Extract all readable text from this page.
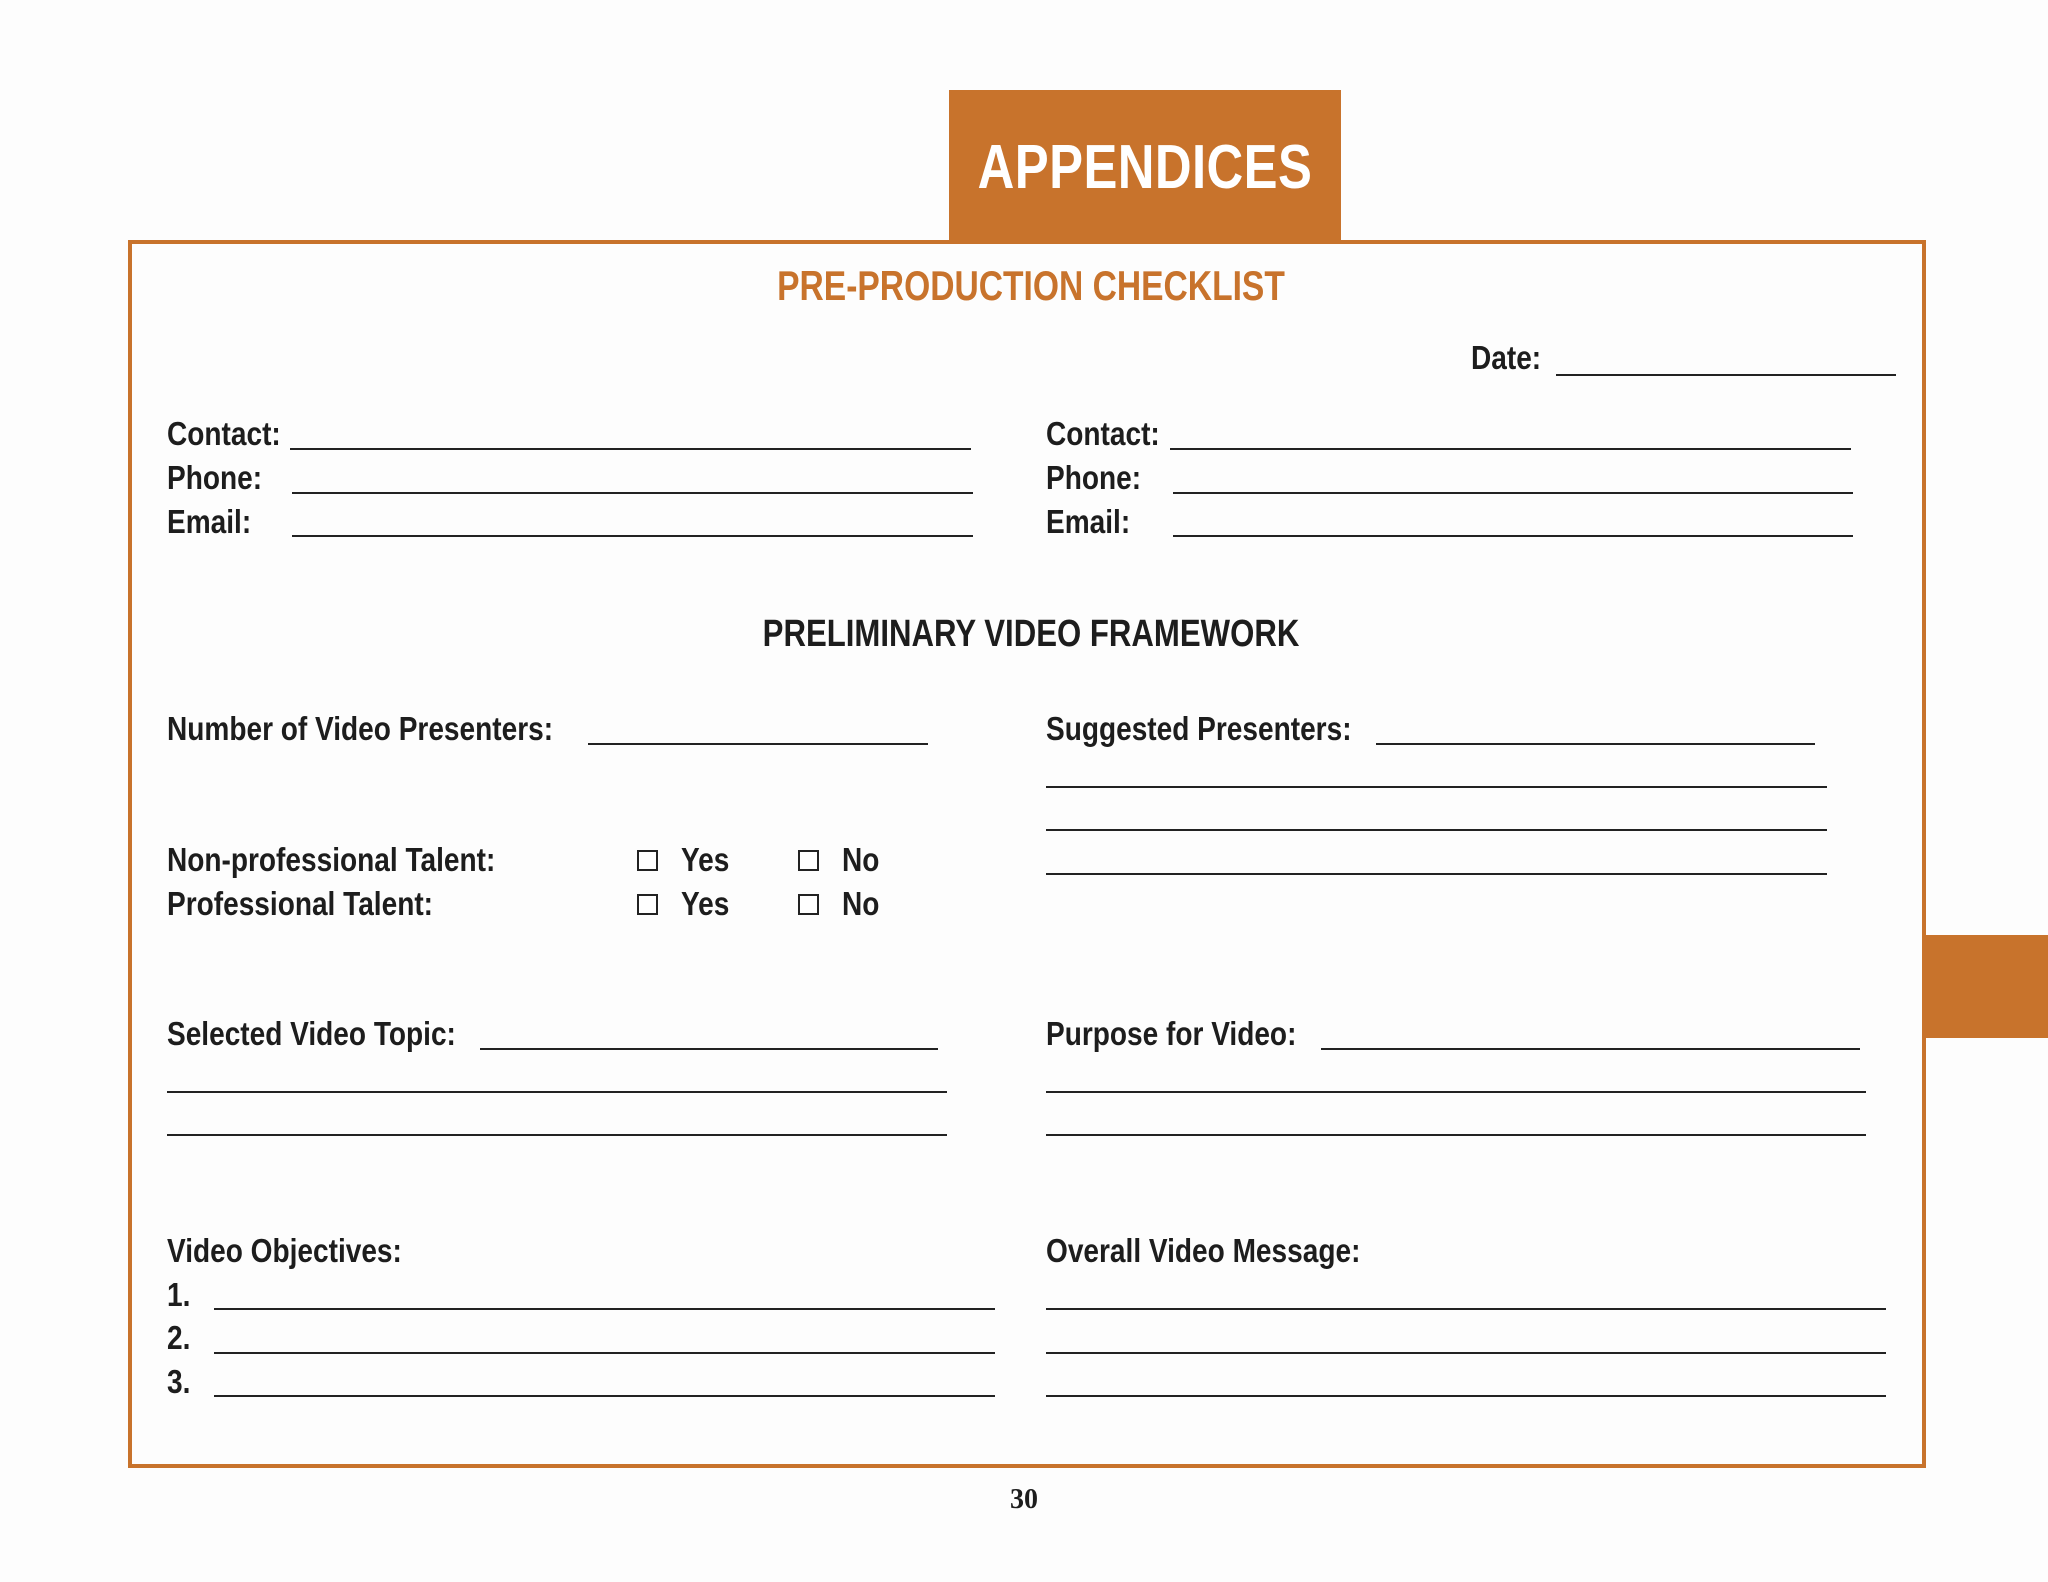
APPENDICES
PRE-PRODUCTION CHECKLIST
Date:
Contact:
Phone:
Email:
Contact:
Phone:
Email:
PRELIMINARY VIDEO FRAMEWORK
Number of Video Presenters:	Suggested Presenters:
Non-professional Talent:	Yes	No
Professional Talent:	Yes	No
Selected Video Topic:	Purpose for Video:
Video Objectives:
1.
2.
3.
Overall Video Message:
30
